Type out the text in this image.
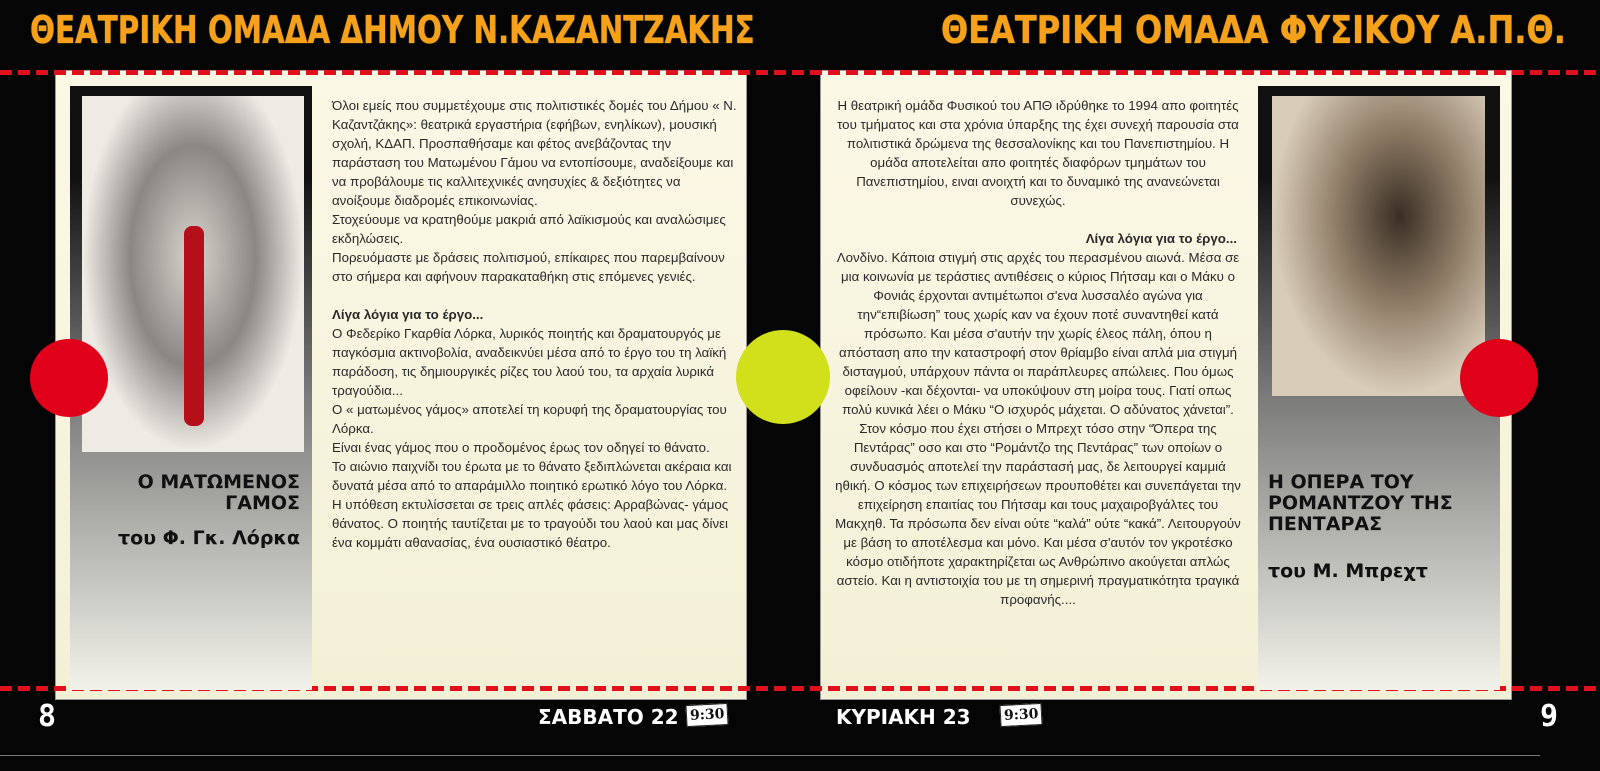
ΘΕΑΤΡΙΚΗ ΟΜΑΔΑ ΔΗΜΟΥ Ν.ΚΑΖΑΝΤΖΑΚΗΣ	ΘΕΑΤΡΙΚΗ ΟΜΑΔΑ ΦΥΣΙΚΟΥ Α.Π.Θ.
Ο ΜΑΤΩΜΕΝΟΣ ΓΑΜΟΣ
του Φ. Γκ. Λόρκα
Η ΟΠΕΡΑ ΤΟΥ ΡΟΜΑΝΤΖΟΥ ΤΗΣ ΠΕΝΤΑΡΑΣ
του Μ. Μπρεχτ

Όλοι εμείς που συμμετέχουμε στις πολιτιστικές δομές του Δήμου « Ν. Καζαντζάκης»: θεατρικά εργαστήρια (εφήβων, ενηλίκων), μουσική σχολή, ΚΔΑΠ. Προσπαθήσαμε και φέτος ανεβάζοντας την παράσταση του Ματωμένου Γάμου να εντοπίσουμε, αναδείξουμε και να προβάλουμε τις καλλιτεχνικές ανησυχίες & δεξιότητες να ανοίξουμε διαδρομές επικοινωνίας.
Στοχεύουμε να κρατηθούμε μακριά από λαϊκισμούς και αναλώσιμες εκδηλώσεις.
Πορευόμαστε με δράσεις πολιτισμού, επίκαιρες που παρεμβαίνουν στο σήμερα και αφήνουν παρακαταθήκη στις επόμενες γενιές.

Λίγα λόγια για το έργο...

Ο Φεδερίκο Γκαρθία Λόρκα, λυρικός ποιητής και δραματουργός με παγκόσμια ακτινοβολία, αναδεικνύει μέσα από το έργο του τη λαϊκή παράδοση, τις δημιουργικές ρίζες του λαού του, τα αρχαία λυρικά τραγούδια...
Ο « ματωμένος γάμος» αποτελεί τη κορυφή της δραματουργίας του Λόρκα.
Είναι ένας γάμος που ο προδομένος έρως τον οδηγεί το θάνατο.
Το αιώνιο παιχνίδι του έρωτα με το θάνατο ξεδιπλώνεται ακέραια και δυνατά μέσα από το απαράμιλλο ποιητικό ερωτικό λόγο του Λόρκα.
Η υπόθεση εκτυλίσσεται σε τρεις απλές φάσεις: Αρραβώνας- γάμος θάνατος. Ο ποιητής ταυτίζεται με το τραγούδι του λαού και μας δίνει ένα κομμάτι αθανασίας, ένα ουσιαστικό θέατρο.

Η θεατρική ομάδα Φυσικού του ΑΠΘ ιδρύθηκε το 1994 απο φοιτητές του τμήματος και στα χρόνια ύπαρξης της έχει συνεχή παρουσία στα πολιτιστικά δρώμενα της θεσσαλονίκης και του Πανεπιστημίου. Η ομάδα αποτελείται απο φοιτητές διαφόρων τμημάτων του Πανεπιστημίου, ειναι ανοιχτή και το δυναμικό της ανανεώνεται συνεχώς.

Λίγα λόγια για το έργο...

Λονδίνο. Κάποια στιγμή στις αρχές του περασμένου αιωνά. Μέσα σε μια κοινωνία με τεράστιες αντιθέσεις ο κύριος Πήτσαμ και ο Μάκυ ο Φονιάς έρχονται αντιμέτωποι σ'ενα λυσσαλέο αγώνα για την“επιβίωση” τους χωρίς καν να έχουν ποτέ συναντηθεί κατά πρόσωπο. Και μέσα σ'αυτήν την χωρίς έλεος πάλη, όπου η απόσταση απο την καταστροφή στον θρίαμβο είναι απλά μια στιγμή δισταγμού, υπάρχουν πάντα οι παράπλευρες απώλειες. Που όμως οφείλουν -και δέχονται- να υποκύψουν στη μοίρα τους. Γιατί οπως πολύ κυνικά λέει ο Μάκυ “Ο ισχυρός μάχεται. Ο αδύνατος χάνεται”. Στον κόσμο που έχει στήσει ο Μπρεχτ τόσο στην “Όπερα της Πεντάρας” οσο και στο “Ρομάντζο της Πεντάρας” των οποίων ο συνδυασμός αποτελεί την παράστασή μας, δε λειτουργεί καμμιά ηθική. Ο κόσμος των επιχειρήσεων προυποθέτει και συνεπάγεται την επιχείρηση επαιτίας του Πήτσαμ και τους μαχαιροβγάλτες του Μακχηθ. Τα πρόσωπα δεν είναι ούτε “καλά” ούτε “κακά”. Λειτουργούν με βάση το αποτέλεσμα και μόνο. Και μέσα σ'αυτόν τον γκροτέσκο κόσμο οτιδήποτε χαρακτηρίζεται ως Ανθρώπινο ακούγεται απλώς αστείο. Και η αντιστοιχία του με τη σημερινή πραγματικότητα τραγικά προφανής....

ΣΑΒΒΑΤΟ 22 9:30	ΚΥΡΙΑΚΗ 23 9:30
8	9
